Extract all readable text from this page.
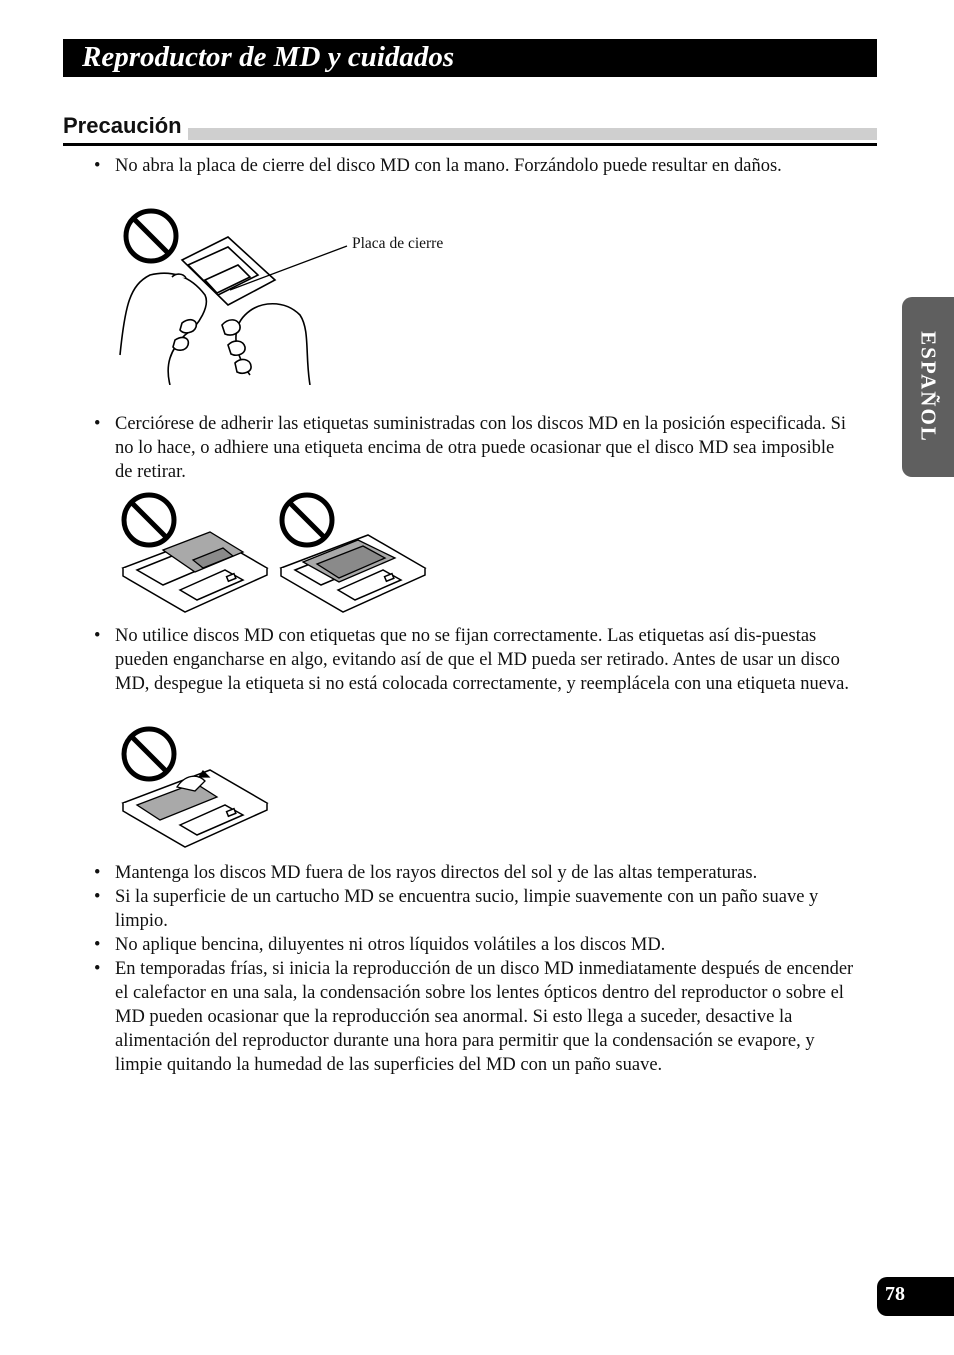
Reproductor de MD y cuidados
Precaución
• No abra la placa de cierre del disco MD con la mano. Forzándolo puede resultar en daños.
Placa de cierre
• Cerciórese de adherir las etiquetas suministradas con los discos MD en la posición especificada. Si no lo hace, o adhiere una etiqueta encima de otra puede ocasionar que el disco MD sea imposible de retirar.
• No utilice discos MD con etiquetas que no se fijan correctamente. Las etiquetas así dis-puestas pueden engancharse en algo, evitando así de que el MD pueda ser retirado. Antes de usar un disco MD, despegue la etiqueta si no está colocada correctamente, y reemplácela con una etiqueta nueva.
• Mantenga los discos MD fuera de los rayos directos del sol y de las altas temperaturas.
• Si la superficie de un cartucho MD se encuentra sucio, limpie suavemente con un paño suave y limpio.
• No aplique bencina, diluyentes ni otros líquidos volátiles a los discos MD.
• En temporadas frías, si inicia la reproducción de un disco MD inmediatamente después de encender el calefactor en una sala, la condensación sobre los lentes ópticos dentro del reproductor o sobre el MD pueden ocasionar que la reproducción sea anormal. Si esto llega a suceder, desactive la alimentación del reproductor durante una hora para permitir que la condensación se evapore, y limpie quitando la humedad de las superficies del MD con un paño suave.
ESPAÑOL
78
